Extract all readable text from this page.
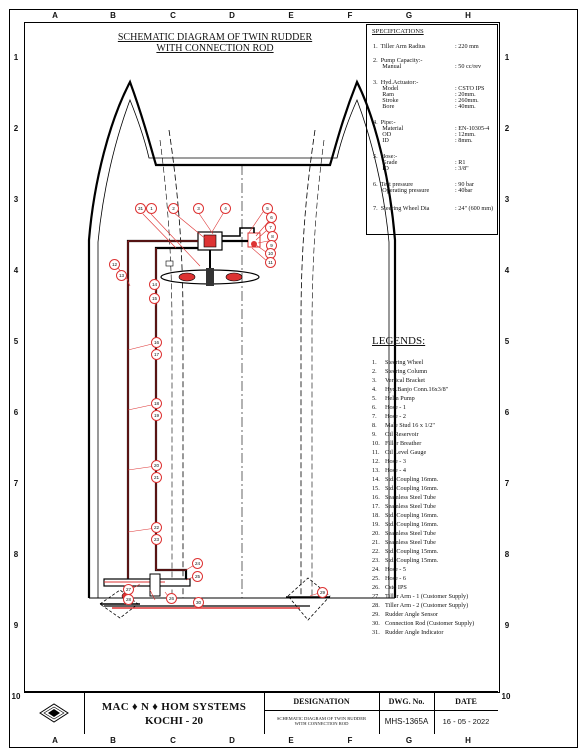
A	B	C	D	E	F	G	H
A	B	C	D	E	F	G	H
1
2
3
4
5
6
7
8
9
10
1
2
3
4
5
6
7
8
9
10
SCHEMATIC DIAGRAM OF TWIN RUDDER
WITH CONNECTION ROD
1	2	3	4	5
6
7
8
9
10
11
12
13
14
15
16
17
18
19
20
21
22
23
24
25
26
27
28
29
30
31
SPECIFICATIONS
1.  Tiller Arm Radius	: 220 mm
2.  Pump Capacity:-
Manual	: 50 cc/rev
3.  Hyd.Actuator:-
Model	: CSTO IPS
Ram	: 20mm.
Stroke	: 260mm.
Bore	: 40mm.
4.  Pipe:-
Material	: EN-10305-4
OD	: 12mm.
ID	: 8mm.
5.  Hose:-
Grade	: R1
ID	: 3/8"
6.  Test pressure	: 90 bar
Operating pressure	: 40bar
7.  Steering Wheel Dia	: 24" (600 mm)
LEGENDS:
1. Steering Wheel
2. Steering Column
3. Vertical Bracket
4. Hyd.Banjo Conn.16x3/8"
5. Helm Pump
6. Hose - 1
7. Hose - 2
8. Male Stud 16 x 1/2"
9. Oil Reservoir
10. Filler Breather
11. Oil Level Gauge
12. Hose - 3
13. Hose - 4
14. Std. Coupling 16mm.
15. Std. Coupling 16mm.
16. Seamless Steel Tube
17. Seamless Steel Tube
18. Std. Coupling 16mm.
19. Std. Coupling 16mm.
20. Seamless Steel Tube
21. Seamless Steel Tube
22. Std. Coupling 15mm.
23. Std. Coupling 15mm.
24. Hose - 5
25. Hose - 6
26. Csto IPS
27. Tiller Arm - 1 (Customer Supply)
28. Tiller Arm - 2 (Customer Supply)
29. Rudder Angle Sensor
30. Connection Rod (Customer Supply)
31. Rudder Angle Indicator
MAC ♦ N ♦ HOM SYSTEMS
KOCHI - 20
DESIGNATION
SCHEMATIC DIAGRAM OF TWIN RUDDER
WITH CONNECTION ROD
DWG. No.
MHS-1365A
DATE
16 - 05 - 2022
